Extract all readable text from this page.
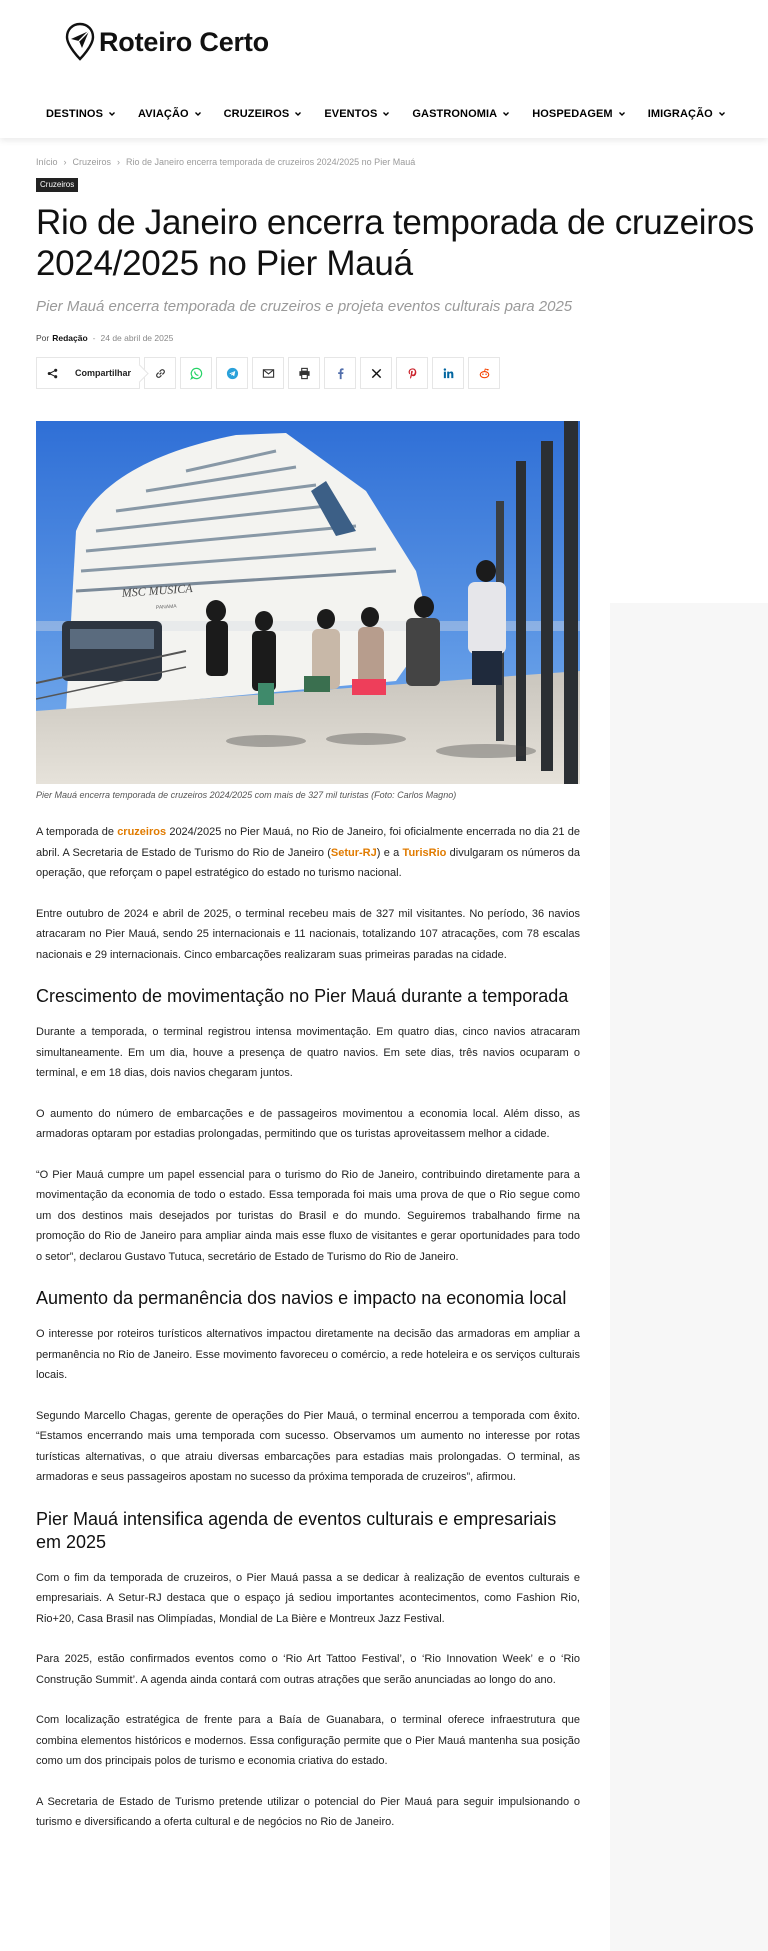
Roteiro Certo
DESTINOS	AVIAÇÃO	CRUZEIROS	EVENTOS	GASTRONOMIA	HOSPEDAGEM	IMIGRAÇÃO
Início › Cruzeiros › Rio de Janeiro encerra temporada de cruzeiros 2024/2025 no Pier Mauá
Cruzeiros
Rio de Janeiro encerra temporada de cruzeiros 2024/2025 no Pier Mauá
Pier Mauá encerra temporada de cruzeiros e projeta eventos culturais para 2025
Por Redação - 24 de abril de 2025
Compartilhar
MSC MUSICA
PANAMA
Pier Mauá encerra temporada de cruzeiros 2024/2025 com mais de 327 mil turistas (Foto: Carlos Magno)

A temporada de cruzeiros 2024/2025 no Pier Mauá, no Rio de Janeiro, foi oficialmente encerrada no dia 21 de abril. A Secretaria de Estado de Turismo do Rio de Janeiro (Setur-RJ) e a TurisRio divulgaram os números da operação, que reforçam o papel estratégico do estado no turismo nacional.

Entre outubro de 2024 e abril de 2025, o terminal recebeu mais de 327 mil visitantes. No período, 36 navios atracaram no Pier Mauá, sendo 25 internacionais e 11 nacionais, totalizando 107 atracações, com 78 escalas nacionais e 29 internacionais. Cinco embarcações realizaram suas primeiras paradas na cidade.

Crescimento de movimentação no Pier Mauá durante a temporada

Durante a temporada, o terminal registrou intensa movimentação. Em quatro dias, cinco navios atracaram simultaneamente. Em um dia, houve a presença de quatro navios. Em sete dias, três navios ocuparam o terminal, e em 18 dias, dois navios chegaram juntos.

O aumento do número de embarcações e de passageiros movimentou a economia local. Além disso, as armadoras optaram por estadias prolongadas, permitindo que os turistas aproveitassem melhor a cidade.

“O Pier Mauá cumpre um papel essencial para o turismo do Rio de Janeiro, contribuindo diretamente para a movimentação da economia de todo o estado. Essa temporada foi mais uma prova de que o Rio segue como um dos destinos mais desejados por turistas do Brasil e do mundo. Seguiremos trabalhando firme na promoção do Rio de Janeiro para ampliar ainda mais esse fluxo de visitantes e gerar oportunidades para todo o setor”, declarou Gustavo Tutuca, secretário de Estado de Turismo do Rio de Janeiro.

Aumento da permanência dos navios e impacto na economia local

O interesse por roteiros turísticos alternativos impactou diretamente na decisão das armadoras em ampliar a permanência no Rio de Janeiro. Esse movimento favoreceu o comércio, a rede hoteleira e os serviços culturais locais.

Segundo Marcello Chagas, gerente de operações do Pier Mauá, o terminal encerrou a temporada com êxito. “Estamos encerrando mais uma temporada com sucesso. Observamos um aumento no interesse por rotas turísticas alternativas, o que atraiu diversas embarcações para estadias mais prolongadas. O terminal, as armadoras e seus passageiros apostam no sucesso da próxima temporada de cruzeiros”, afirmou.

Pier Mauá intensifica agenda de eventos culturais e empresariais em 2025

Com o fim da temporada de cruzeiros, o Pier Mauá passa a se dedicar à realização de eventos culturais e empresariais. A Setur-RJ destaca que o espaço já sediou importantes acontecimentos, como Fashion Rio, Rio+20, Casa Brasil nas Olimpíadas, Mondial de La Bière e Montreux Jazz Festival.

Para 2025, estão confirmados eventos como o ‘Rio Art Tattoo Festival’, o ‘Rio Innovation Week’ e o ‘Rio Construção Summit’. A agenda ainda contará com outras atrações que serão anunciadas ao longo do ano.

Com localização estratégica de frente para a Baía de Guanabara, o terminal oferece infraestrutura que combina elementos históricos e modernos. Essa configuração permite que o Pier Mauá mantenha sua posição como um dos principais polos de turismo e economia criativa do estado.

A Secretaria de Estado de Turismo pretende utilizar o potencial do Pier Mauá para seguir impulsionando o turismo e diversificando a oferta cultural e de negócios no Rio de Janeiro.
